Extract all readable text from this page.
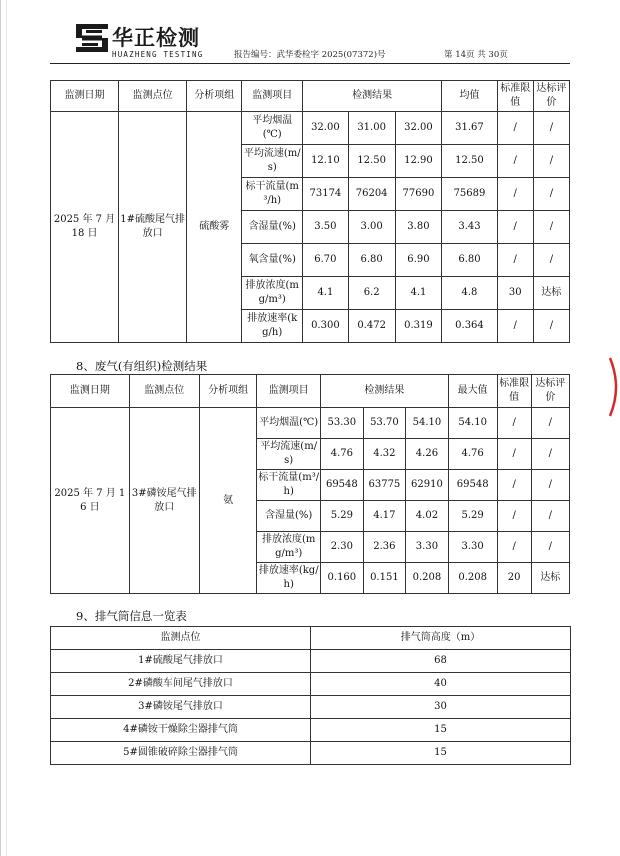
华正检测
HUAZHENG TESTING	报告编号：武华委检字 2025(07372)号	第 14页 共 30页
监测日期	监测点位	分析项组	监测项目	检测结果			均值	标准限值	达标评价
2025 年 7 月 18 日	1#硫酸尾气排放口	硫酸雾	平均烟温(℃)	32.00	31.00	32.00	31.67	/	/
			平均流速(m/s)	12.10	12.50	12.90	12.50	/	/
			标干流量(m³/h)	73174	76204	77690	75689	/	/
			含湿量(%)	3.50	3.00	3.80	3.43	/	/
			氧含量(%)	6.70	6.80	6.90	6.80	/	/
			排放浓度(mg/m³)	4.1	6.2	4.1	4.8	30	达标
			排放速率(kg/h)	0.300	0.472	0.319	0.364	/	/
8、废气(有组织)检测结果
监测日期	监测点位	分析项组	监测项目	检测结果			最大值	标准限值	达标评价
2025 年 7 月 16 日	3#磷铵尾气排放口	氨	平均烟温(℃)	53.30	53.70	54.10	54.10	/	/
			平均流速(m/s)	4.76	4.32	4.26	4.76	/	/
			标干流量(m³/h)	69548	63775	62910	69548	/	/
			含湿量(%)	5.29	4.17	4.02	5.29	/	/
			排放浓度(mg/m³)	2.30	2.36	3.30	3.30	/	/
			排放速率(kg/h)	0.160	0.151	0.208	0.208	20	达标
9、排气筒信息一览表
监测点位	排气筒高度（m）
1#硫酸尾气排放口	68
2#磷酸车间尾气排放口	40
3#磷铵尾气排放口	30
4#磷铵干燥除尘器排气筒	15
5#圆锥破碎除尘器排气筒	15
